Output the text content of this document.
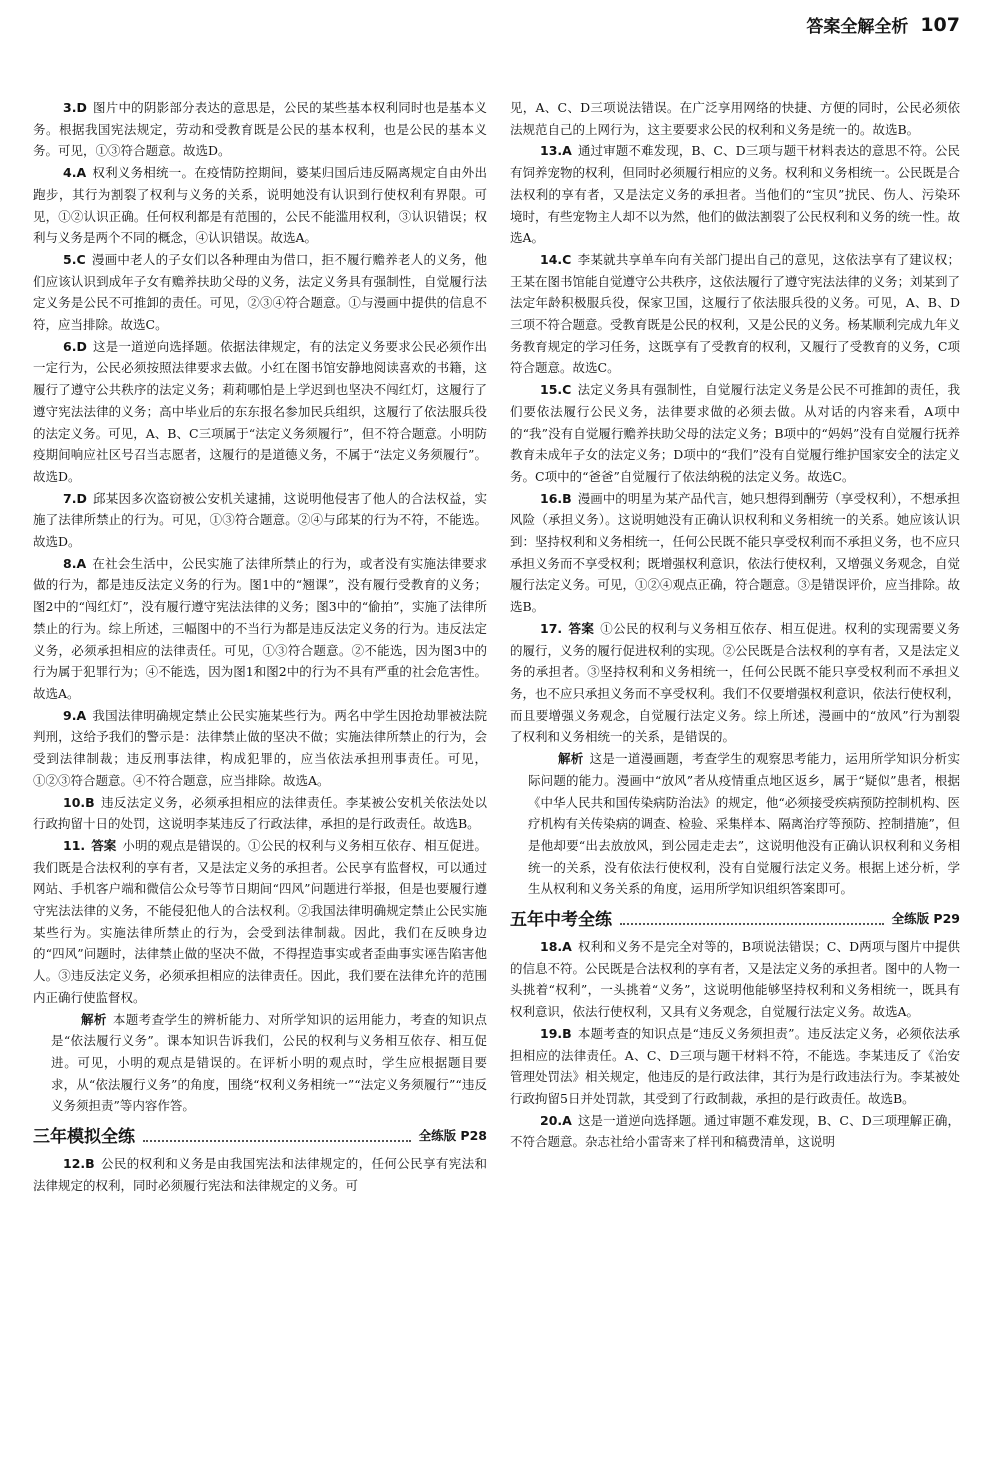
答案全解全析 107
3.D 图片中的阴影部分表达的意思是，公民的某些基本权利同时也是基本义务。根据我国宪法规定，劳动和受教育既是公民的基本权利，也是公民的基本义务。可见，①③符合题意。故选D。
4.A 权利义务相统一。在疫情防控期间，婆某归国后违反隔离规定自由外出跑步，其行为割裂了权利与义务的关系，说明她没有认识到行使权利有界限。可见，①②认识正确。任何权利都是有范围的，公民不能滥用权利，③认识错误；权利与义务是两个不同的概念，④认识错误。故选A。
5.C 漫画中老人的子女们以各种理由为借口，拒不履行赡养老人的义务，他们应该认识到成年子女有赡养扶助父母的义务，法定义务具有强制性，自觉履行法定义务是公民不可推卸的责任。可见，②③④符合题意。①与漫画中提供的信息不符，应当排除。故选C。
6.D 这是一道逆向选择题。依据法律规定，有的法定义务要求公民必须作出一定行为，公民必须按照法律要求去做。小红在图书馆安静地阅读喜欢的书籍，这履行了遵守公共秩序的法定义务；莉莉哪怕是上学迟到也坚决不闯红灯，这履行了遵守宪法法律的义务；高中毕业后的东东报名参加民兵组织，这履行了依法服兵役的法定义务。可见，A、B、C三项属于“法定义务须履行”，但不符合题意。小明防疫期间响应社区号召当志愿者，这履行的是道德义务，不属于“法定义务须履行”。故选D。
7.D 邱某因多次盗窃被公安机关逮捕，这说明他侵害了他人的合法权益，实施了法律所禁止的行为。可见，①③符合题意。②④与邱某的行为不符，不能选。故选D。
8.A 在社会生活中，公民实施了法律所禁止的行为，或者没有实施法律要求做的行为，都是违反法定义务的行为。图1中的“翘课”，没有履行受教育的义务；图2中的“闯红灯”，没有履行遵守宪法法律的义务；图3中的“偷拍”，实施了法律所禁止的行为。综上所述，三幅图中的不当行为都是违反法定义务的行为。违反法定义务，必须承担相应的法律责任。可见，①③符合题意。②不能选，因为图3中的行为属于犯罪行为；④不能选，因为图1和图2中的行为不具有严重的社会危害性。故选A。
9.A 我国法律明确规定禁止公民实施某些行为。两名中学生因抢劫罪被法院判刑，这给予我们的警示是：法律禁止做的坚决不做；实施法律所禁止的行为，会受到法律制裁；违反刑事法律，构成犯罪的，应当依法承担刑事责任。可见，①②③符合题意。④不符合题意，应当排除。故选A。
10.B 违反法定义务，必须承担相应的法律责任。李某被公安机关依法处以行政拘留十日的处罚，这说明李某违反了行政法律，承担的是行政责任。故选B。
11. 答案 小明的观点是错误的。①公民的权利与义务相互依存、相互促进。我们既是合法权利的享有者，又是法定义务的承担者。公民享有监督权，可以通过网站、手机客户端和微信公众号等节日期间“四风”问题进行举报，但是也要履行遵守宪法法律的义务，不能侵犯他人的合法权利。②我国法律明确规定禁止公民实施某些行为。实施法律所禁止的行为，会受到法律制裁。因此，我们在反映身边的“四风”问题时，法律禁止做的坚决不做，不得捏造事实或者歪曲事实诬告陷害他人。③违反法定义务，必须承担相应的法律责任。因此，我们要在法律允许的范围内正确行使监督权。
解析 本题考查学生的辨析能力、对所学知识的运用能力，考查的知识点是“依法履行义务”。课本知识告诉我们，公民的权利与义务相互依存、相互促进。可见，小明的观点是错误的。在评析小明的观点时，学生应根据题目要求，从“依法履行义务”的角度，围绕“权利义务相统一”“法定义务须履行”“违反义务须担责”等内容作答。
三年模拟全练	全练版 P28
12.B 公民的权利和义务是由我国宪法和法律规定的，任何公民享有宪法和法律规定的权利，同时必须履行宪法和法律规定的义务。可
见，A、C、D三项说法错误。在广泛享用网络的快捷、方便的同时，公民必须依法规范自己的上网行为，这主要要求公民的权利和义务是统一的。故选B。
13.A 通过审题不难发现，B、C、D三项与题干材料表达的意思不符。公民有饲养宠物的权利，但同时必须履行相应的义务。权利和义务相统一。公民既是合法权利的享有者，又是法定义务的承担者。当他们的“宝贝”扰民、伤人、污染环境时，有些宠物主人却不以为然，他们的做法割裂了公民权利和义务的统一性。故选A。
14.C 李某就共享单车向有关部门提出自己的意见，这依法享有了建议权；王某在图书馆能自觉遵守公共秩序，这依法履行了遵守宪法法律的义务；刘某到了法定年龄积极服兵役，保家卫国，这履行了依法服兵役的义务。可见，A、B、D三项不符合题意。受教育既是公民的权利，又是公民的义务。杨某顺利完成九年义务教育规定的学习任务，这既享有了受教育的权利，又履行了受教育的义务，C项符合题意。故选C。
15.C 法定义务具有强制性，自觉履行法定义务是公民不可推卸的责任，我们要依法履行公民义务，法律要求做的必须去做。从对话的内容来看，A项中的“我”没有自觉履行赡养扶助父母的法定义务；B项中的“妈妈”没有自觉履行抚养教育未成年子女的法定义务；D项中的“我们”没有自觉履行维护国家安全的法定义务。C项中的“爸爸”自觉履行了依法纳税的法定义务。故选C。
16.B 漫画中的明星为某产品代言，她只想得到酬劳（享受权利），不想承担风险（承担义务）。这说明她没有正确认识权利和义务相统一的关系。她应该认识到：坚持权利和义务相统一，任何公民既不能只享受权利而不承担义务，也不应只承担义务而不享受权利；既增强权利意识，依法行使权利，又增强义务观念，自觉履行法定义务。可见，①②④观点正确，符合题意。③是错误评价，应当排除。故选B。
17. 答案 ①公民的权利与义务相互依存、相互促进。权利的实现需要义务的履行，义务的履行促进权利的实现。②公民既是合法权利的享有者，又是法定义务的承担者。③坚持权利和义务相统一，任何公民既不能只享受权利而不承担义务，也不应只承担义务而不享受权利。我们不仅要增强权利意识，依法行使权利，而且要增强义务观念，自觉履行法定义务。综上所述，漫画中的“放风”行为割裂了权利和义务相统一的关系，是错误的。
解析 这是一道漫画题，考查学生的观察思考能力，运用所学知识分析实际问题的能力。漫画中“放风”者从疫情重点地区返乡，属于“疑似”患者，根据《中华人民共和国传染病防治法》的规定，他“必须接受疾病预防控制机构、医疗机构有关传染病的调查、检验、采集样本、隔离治疗等预防、控制措施”，但是他却要“出去放放风，到公园走走去”，这说明他没有正确认识权利和义务相统一的关系，没有依法行使权利，没有自觉履行法定义务。根据上述分析，学生从权利和义务关系的角度，运用所学知识组织答案即可。
五年中考全练	全练版 P29
18.A 权利和义务不是完全对等的，B项说法错误；C、D两项与图片中提供的信息不符。公民既是合法权利的享有者，又是法定义务的承担者。图中的人物一头挑着“权利”，一头挑着“义务”，这说明他能够坚持权利和义务相统一，既具有权利意识，依法行使权利，又具有义务观念，自觉履行法定义务。故选A。
19.B 本题考查的知识点是“违反义务须担责”。违反法定义务，必须依法承担相应的法律责任。A、C、D三项与题干材料不符，不能选。李某违反了《治安管理处罚法》相关规定，他违反的是行政法律，其行为是行政违法行为。李某被处行政拘留5日并处罚款，其受到了行政制裁，承担的是行政责任。故选B。
20.A 这是一道逆向选择题。通过审题不难发现，B、C、D三项理解正确，不符合题意。杂志社给小雷寄来了样刊和稿费清单，这说明
